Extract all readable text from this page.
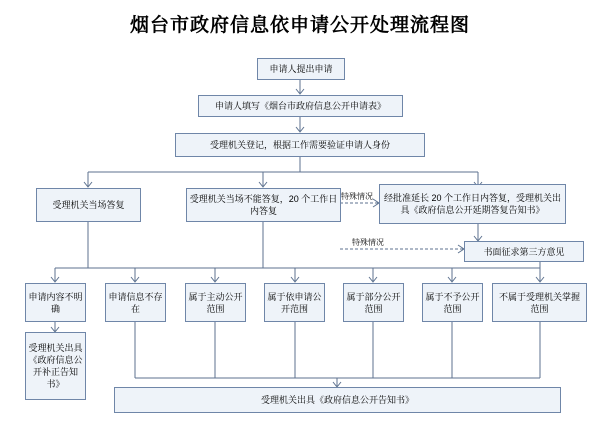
烟台市政府信息依申请公开处理流程图
申请人提出申请
申请人填写《烟台市政府信息公开申请表》
受理机关登记，根据工作需要验证申请人身份
受理机关当场答复
受理机关当场不能答复，20 个工作日内答复
经批准延长 20 个工作日内答复，受理机关出具《政府信息公开延期答复告知书》
书面征求第三方意见
特殊情况
特殊情况
申请内容不明确
申请信息不存在
属于主动公开范围
属于依申请公开范围
属于部分公开范围
属于不予公开范围
不属于受理机关掌握范围
受理机关出具《政府信息公开补正告知书》
受理机关出具《政府信息公开告知书》
